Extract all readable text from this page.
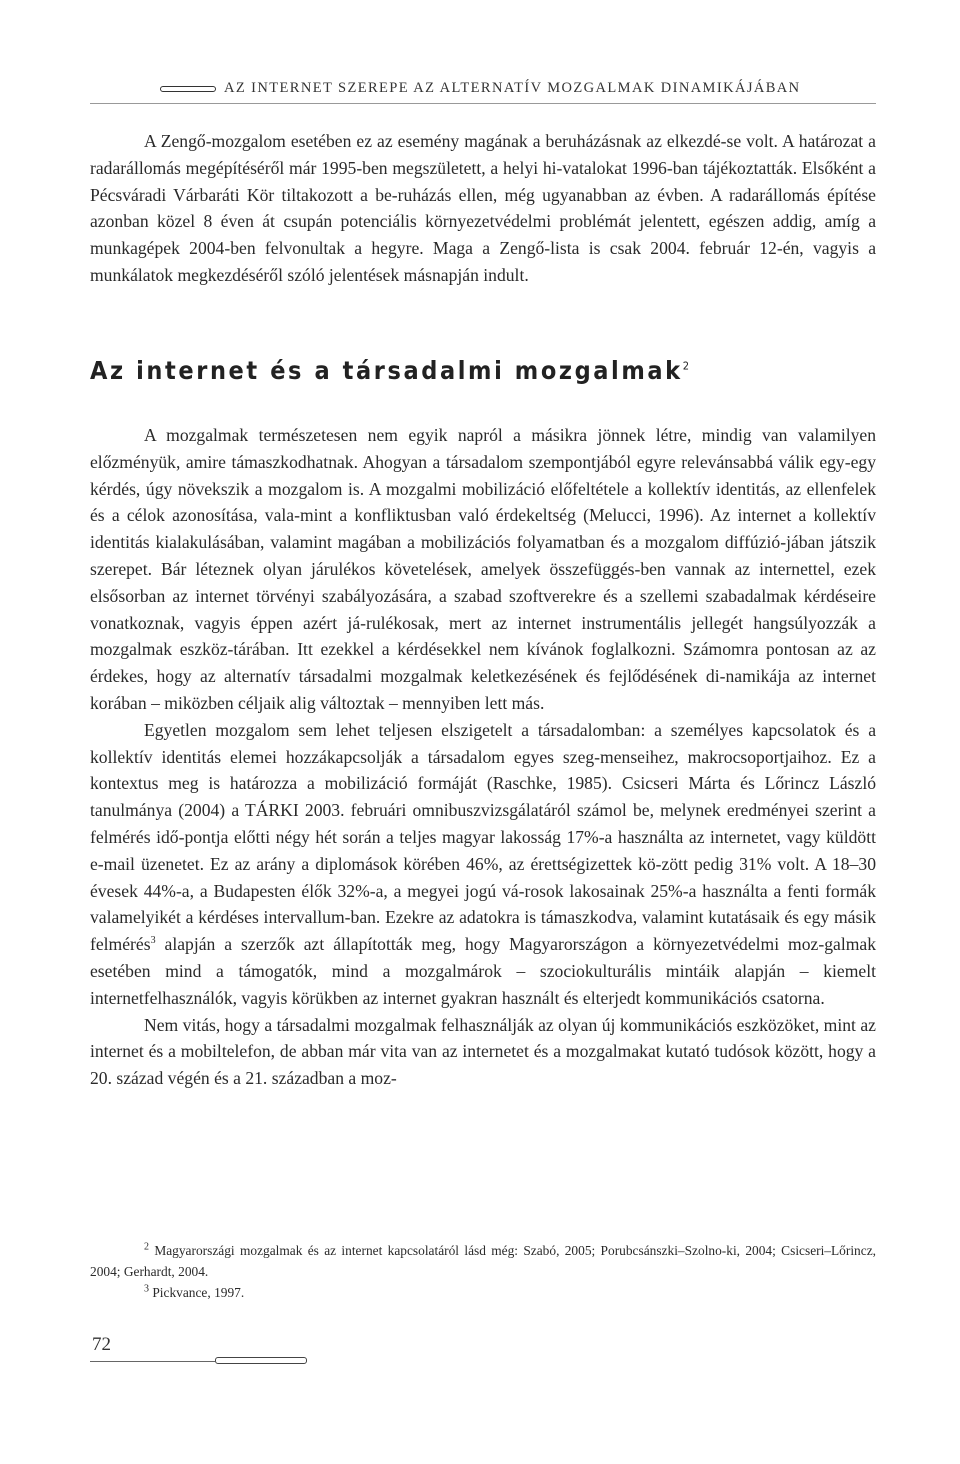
AZ INTERNET SZEREPE AZ ALTERNATÍV MOZGALMAK DINAMIKÁJÁBAN

A Zengő-mozgalom esetében ez az esemény magának a beruházásnak az elkezdé-se volt. A határozat a radarállomás megépítéséről már 1995-ben megszületett, a helyi hi-vatalokat 1996-ban tájékoztatták. Elsőként a Pécsváradi Várbaráti Kör tiltakozott a be-ruházás ellen, még ugyanabban az évben. A radarállomás építése azonban közel 8 éven át csupán potenciális környezetvédelmi problémát jelentett, egészen addig, amíg a munkagépek 2004-ben felvonultak a hegyre. Maga a Zengő-lista is csak 2004. február 12-én, vagyis a munkálatok megkezdéséről szóló jelentések másnapján indult.

Az internet és a társadalmi mozgalmak$^2$

A mozgalmak természetesen nem egyik napról a másikra jönnek létre, mindig van valamilyen előzményük, amire támaszkodhatnak. Ahogyan a társadalom szempontjából egyre relevánsabbá válik egy-egy kérdés, úgy növekszik a mozgalom is. A mozgalmi mobilizáció előfeltétele a kollektív identitás, az ellenfelek és a célok azonosítása, vala-mint a konfliktusban való érdekeltség (Melucci, 1996). Az internet a kollektív identitás kialakulásában, valamint magában a mobilizációs folyamatban és a mozgalom diffúzió-jában játszik szerepet. Bár léteznek olyan járulékos követelések, amelyek összefüggés-ben vannak az internettel, ezek elsősorban az internet törvényi szabályozására, a szabad szoftverekre és a szellemi szabadalmak kérdéseire vonatkoznak, vagyis éppen azért já-rulékosak, mert az internet instrumentális jellegét hangsúlyozzák a mozgalmak eszköz-tárában. Itt ezekkel a kérdésekkel nem kívánok foglalkozni. Számomra pontosan az az érdekes, hogy az alternatív társadalmi mozgalmak keletkezésének és fejlődésének di-namikája az internet korában – miközben céljaik alig változtak – mennyiben lett más.

Egyetlen mozgalom sem lehet teljesen elszigetelt a társadalomban: a személyes kapcsolatok és a kollektív identitás elemei hozzákapcsolják a társadalom egyes szeg-menseihez, makrocsoportjaihoz. Ez a kontextus meg is határozza a mobilizáció formáját (Raschke, 1985). Csicseri Márta és Lőrincz László tanulmánya (2004) a TÁRKI 2003. februári omnibuszvizsgálatáról számol be, melynek eredményei szerint a felmérés idő-pontja előtti négy hét során a teljes magyar lakosság 17%-a használta az internetet, vagy küldött e-mail üzenetet. Ez az arány a diplomások körében 46%, az érettségizettek kö-zött pedig 31% volt. A 18–30 évesek 44%-a, a Budapesten élők 32%-a, a megyei jogú vá-rosok lakosainak 25%-a használta a fenti formák valamelyikét a kérdéses intervallum-ban. Ezekre az adatokra is támaszkodva, valamint kutatásaik és egy másik felmérés$^3$ alapján a szerzők azt állapították meg, hogy Magyarországon a környezetvédelmi moz-galmak esetében mind a támogatók, mind a mozgalmárok – szociokulturális mintáik alapján – kiemelt internetfelhasználók, vagyis körükben az internet gyakran használt és elterjedt kommunikációs csatorna.

Nem vitás, hogy a társadalmi mozgalmak felhasználják az olyan új kommunikációs eszközöket, mint az internet és a mobiltelefon, de abban már vita van az internetet és a mozgalmakat kutató tudósok között, hogy a 20. század végén és a 21. században a moz-

$^2$ Magyarországi mozgalmak és az internet kapcsolatáról lásd még: Szabó, 2005; Porubcsánszki–Szolno-ki, 2004; Csicseri–Lőrincz, 2004; Gerhardt, 2004.

$^3$ Pickvance, 1997.

72
